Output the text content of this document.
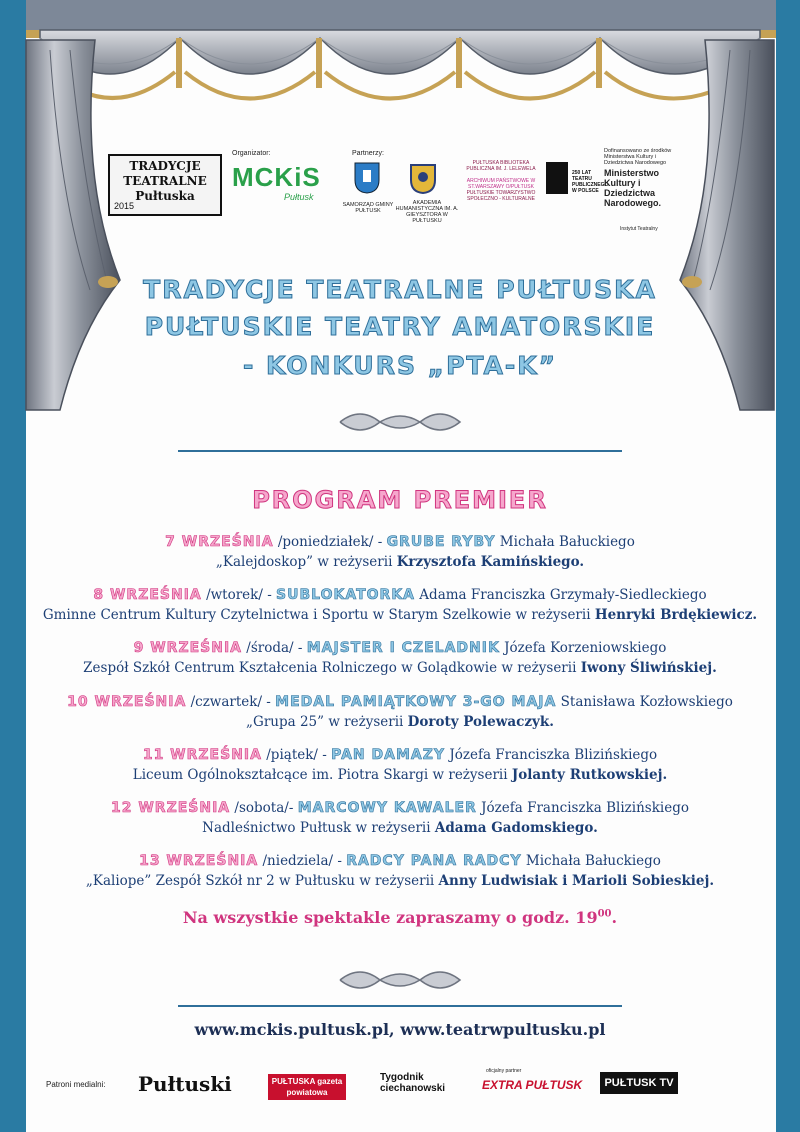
TRADYCJE TEATRALNE Pułtuska
2015
Organizator:
MCKiS
Pułtusk
Partnerzy:
SAMORZĄD GMINY PUŁTUSK
AKADEMIA HUMANISTYCZNA IM. A. GIEYSZTORA W PUŁTUSKU
PUŁTUSKA BIBLIOTEKA PUBLICZNA IM. J. LELEWELA
ARCHIWUM PAŃSTWOWE W ST.WARSZAWY O/PUŁTUSK
PUŁTUSKIE TOWARZYSTWO SPOŁECZNO - KULTURALNE
250 LAT TEATRU PUBLICZNEGO W POLSCE
Dofinansowano ze środków Ministerstwa Kultury i Dziedzictwa Narodowego
Ministerstwo Kultury i Dziedzictwa Narodowego.
Instytut Teatralny
TRADYCJE TEATRALNE PUŁTUSKA
PUŁTUSKIE TEATRY AMATORSKIE
- KONKURS „PTA-K”
PROGRAM PREMIER
7 WRZEŚNIA /poniedziałek/ - GRUBE RYBY Michała Bałuckiego
„Kalejdoskop” w reżyserii Krzysztofa Kamińskiego.
8 WRZEŚNIA /wtorek/ - SUBLOKATORKA Adama Franciszka Grzymały-Siedleckiego
Gminne Centrum Kultury Czytelnictwa i Sportu w Starym Szelkowie w reżyserii Henryki Brdękiewicz.
9 WRZEŚNIA /środa/ - MAJSTER I CZELADNIK Józefa Korzeniowskiego
Zespół Szkół Centrum Kształcenia Rolniczego w Golądkowie w reżyserii Iwony Śliwińskiej.
10 WRZEŚNIA /czwartek/ - MEDAL PAMIĄTKOWY 3-GO MAJA Stanisława Kozłowskiego
„Grupa 25” w reżyserii Doroty Polewaczyk.
11 WRZEŚNIA /piątek/ - PAN DAMAZY Józefa Franciszka Blizińskiego
Liceum Ogólnokształcące im. Piotra Skargi w reżyserii Jolanty Rutkowskiej.
12 WRZEŚNIA /sobota/- MARCOWY KAWALER Józefa Franciszka Blizińskiego
Nadleśnictwo Pułtusk w reżyserii Adama Gadomskiego.
13 WRZEŚNIA /niedziela/ - RADCY PANA RADCY Michała Bałuckiego
„Kaliope” Zespół Szkół nr 2 w Pułtusku w reżyserii Anny Ludwisiak i Marioli Sobieskiej.
Na wszystkie spektakle zapraszamy o godz. $19^{00}$.
www.mckis.pultusk.pl, www.teatrwpultusku.pl
Patroni medialni: Pułtuski	PUŁTUSKA gazeta powiatowa
Tygodnik ciechanowski
oficjalny partner
EXTRA PUŁTUSK	PUŁTUSK TV
